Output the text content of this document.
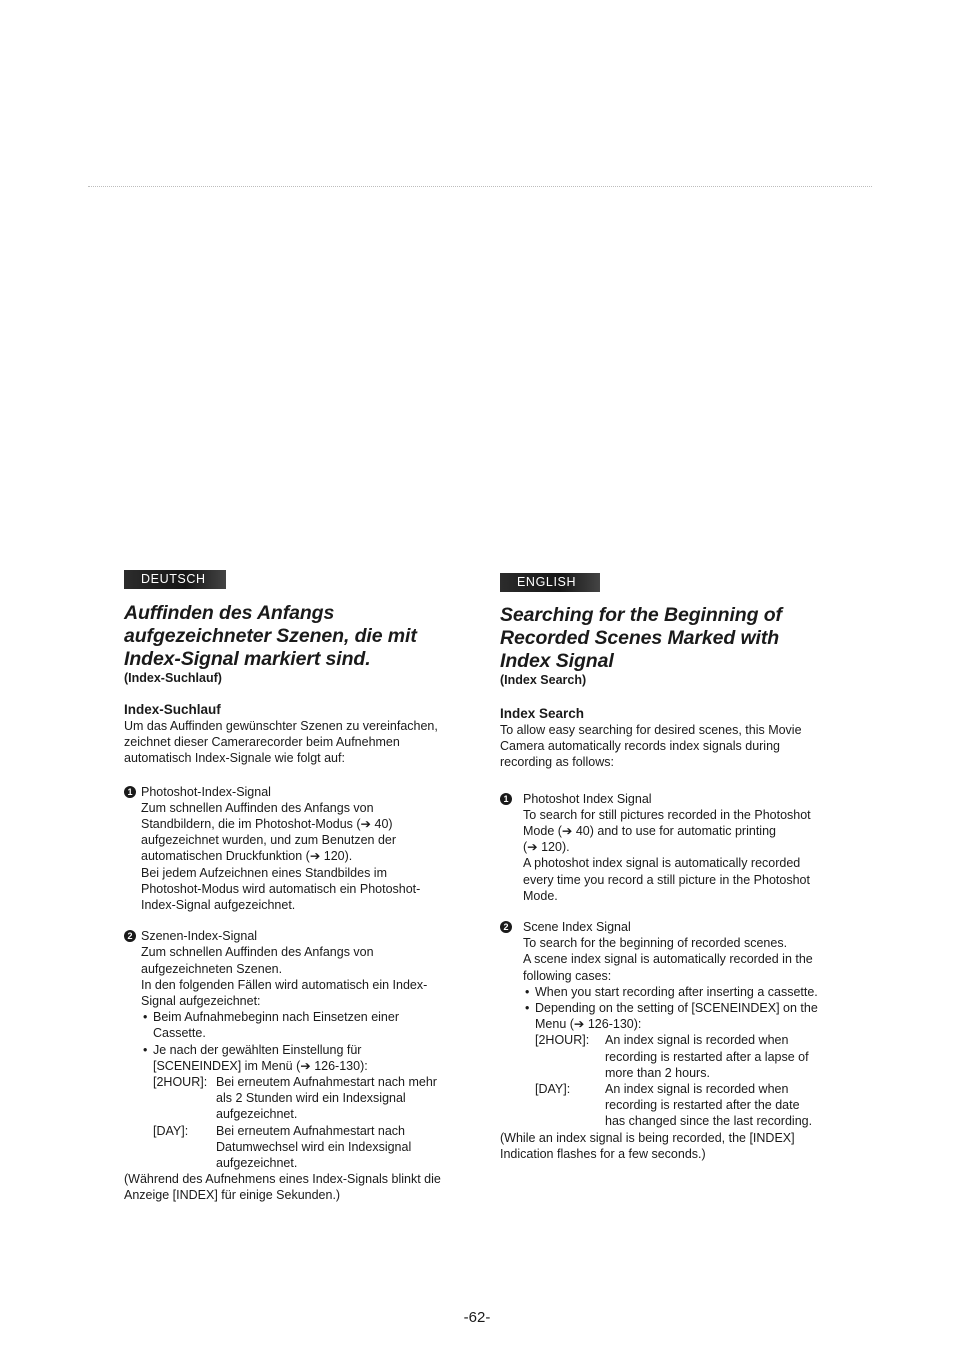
DEUTSCH
Auffinden des Anfangs aufgezeichneter Szenen, die mit Index-Signal markiert sind.
(Index-Suchlauf)
Index-Suchlauf

Um das Auffinden gewünschter Szenen zu vereinfachen,

zeichnet dieser Camerarecorder beim Aufnehmen

automatisch Index-Signale wie folgt auf:

1 Photoshot-Index-Signal

Zum schnellen Auffinden des Anfangs von

Standbildern, die im Photoshot-Modus (➔ 40)

aufgezeichnet wurden, und zum Benutzen der

automatischen Druckfunktion (➔ 120).

Bei jedem Aufzeichnen eines Standbildes im

Photoshot-Modus wird automatisch ein Photoshot-

Index-Signal aufgezeichnet.

2 Szenen-Index-Signal

Zum schnellen Auffinden des Anfangs von

aufgezeichneten Szenen.

In den folgenden Fällen wird automatisch ein Index-

Signal aufgezeichnet:

• Beim Aufnahmebeginn nach Einsetzen einer

Cassette.

• Je nach der gewählten Einstellung für

[SCENEINDEX] im Menü (➔ 126-130):

[2HOUR]: Bei erneutem Aufnahmestart nach mehr

als 2 Stunden wird ein Indexsignal

aufgezeichnet.

[DAY]:	Bei erneutem Aufnahmestart nach

Datumwechsel wird ein Indexsignal

aufgezeichnet.

(Während des Aufnehmens eines Index-Signals blinkt die

Anzeige [INDEX] für einige Sekunden.)

ENGLISH
Searching for the Beginning of Recorded Scenes Marked with Index Signal
(Index Search)
Index Search

To allow easy searching for desired scenes, this Movie

Camera automatically records index signals during

recording as follows:

1 Photoshot Index Signal

To search for still pictures recorded in the Photoshot

Mode (➔ 40) and to use for automatic printing

(➔ 120).

A photoshot index signal is automatically recorded

every time you record a still picture in the Photoshot

Mode.

2 Scene Index Signal

To search for the beginning of recorded scenes.

A scene index signal is automatically recorded in the

following cases:

• When you start recording after inserting a cassette.

• Depending on the setting of [SCENEINDEX] on the

Menu (➔ 126-130):

[2HOUR]:	An index signal is recorded when

recording is restarted after a lapse of

more than 2 hours.

[DAY]:	An index signal is recorded when

recording is restarted after the date

has changed since the last recording.

(While an index signal is being recorded, the [INDEX]

Indication flashes for a few seconds.)

-62-
